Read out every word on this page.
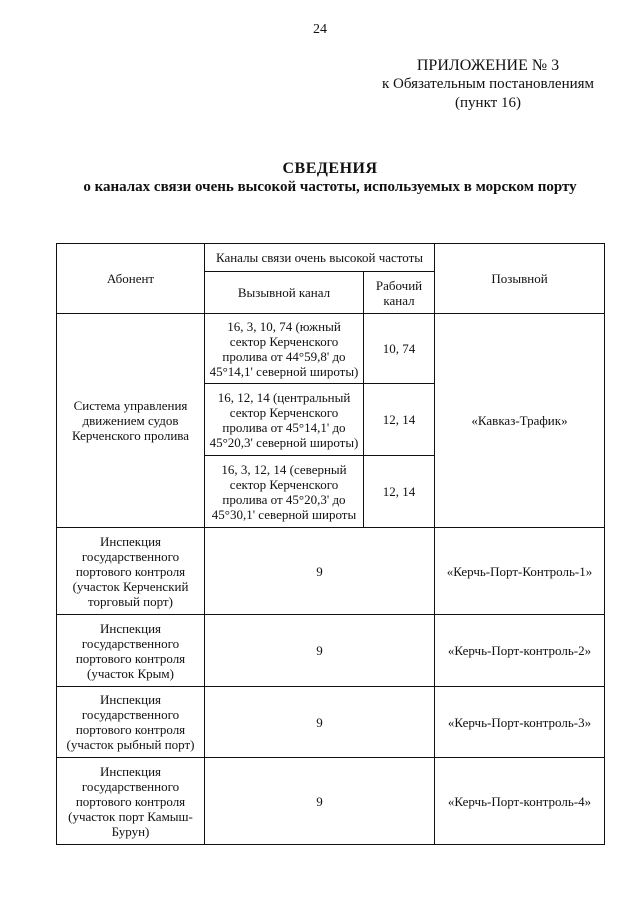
24
ПРИЛОЖЕНИЕ № 3
к Обязательным постановлениям
(пункт 16)
СВЕДЕНИЯ
о каналах связи очень высокой частоты, используемых в морском порту
Абонент	Каналы связи очень высокой частоты		Позывной
	Вызывной канал	Рабочий канал	
Система управления движением судов Керченского пролива	16, 3, 10, 74 (южный сектор Керченского пролива от 44°59,8' до 45°14,1' северной широты)	10, 74	«Кавказ-Трафик»
	16, 12, 14 (центральный сектор Керченского пролива от 45°14,1' до 45°20,3' северной широты)	12, 14	
	16, 3, 12, 14 (северный сектор Керченского пролива от 45°20,3' до 45°30,1' северной широты	12, 14	
Инспекция государственного портового контроля (участок Керченский торговый порт)	9		«Керчь-Порт-Контроль-1»
Инспекция государственного портового контроля (участок Крым)	9		«Керчь-Порт-контроль-2»
Инспекция государственного портового контроля (участок рыбный порт)	9		«Керчь-Порт-контроль-3»
Инспекция государственного портового контроля (участок порт Камыш-Бурун)	9		«Керчь-Порт-контроль-4»
